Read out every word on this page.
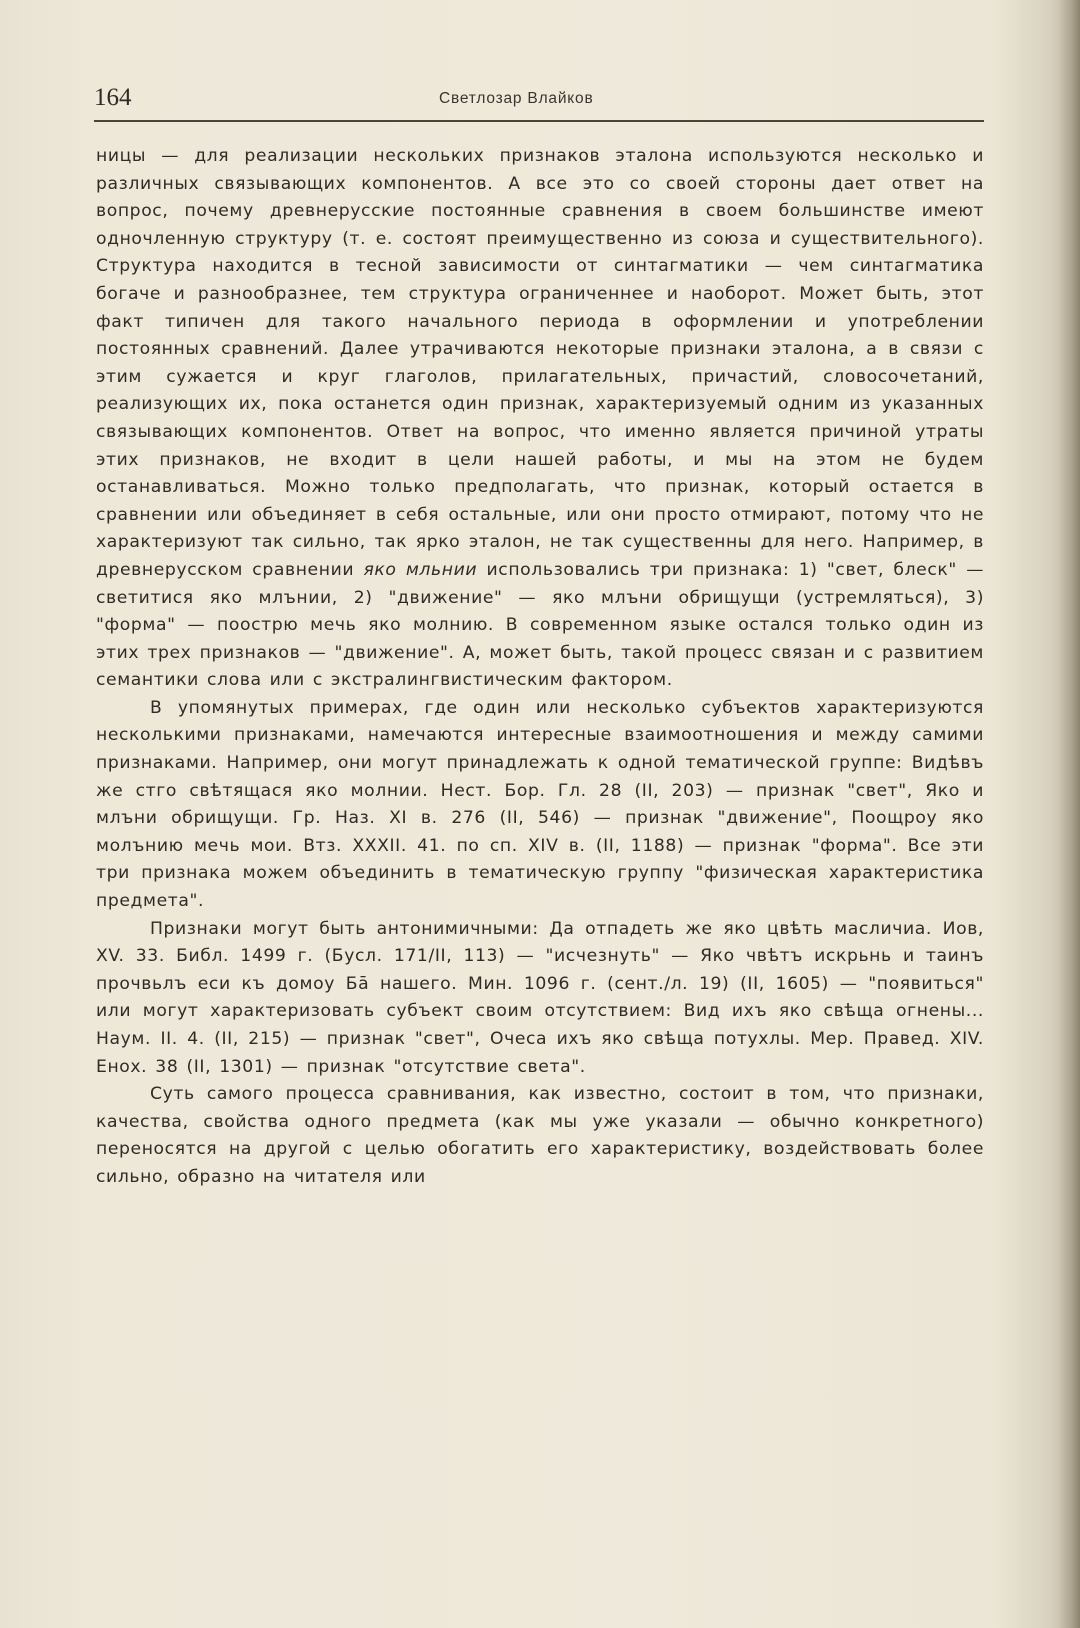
164	Светлозар Влайков

ницы — для реализации нескольких признаков эталона используются несколько и различных связывающих компонентов. А все это со своей стороны дает ответ на вопрос, почему древнерусские постоянные сравнения в своем большинстве имеют одночленную структуру (т. е. состоят преимущественно из союза и существительного). Структура находится в тесной зависимости от синтагматики — чем синтагматика богаче и разнообразнее, тем структура ограниченнее и наоборот. Может быть, этот факт типичен для такого начального периода в оформлении и употреблении постоянных сравнений. Далее утрачиваются некоторые признаки эталона, а в связи с этим сужается и круг глаголов, прилагательных, причастий, словосочетаний, реализующих их, пока останется один признак, характеризуемый одним из указанных связывающих компонентов. Ответ на вопрос, что именно является причиной утраты этих признаков, не входит в цели нашей работы, и мы на этом не будем останавливаться. Можно только предполагать, что признак, который остается в сравнении или объединяет в себя остальные, или они просто отмирают, потому что не характеризуют так сильно, так ярко эталон, не так существенны для него. Например, в древнерусском сравнении яко мльнии использовались три признака: 1) "свет, блеск" — светитися яко млънии, 2) "движение" — яко млъни обрищущи (устремляться), 3) "форма" — поострю мечь яко молнию. В современном языке остался только один из этих трех признаков — "движение". А, может быть, такой процесс связан и с развитием семантики слова или с экстралингвистическим фактором.

В упомянутых примерах, где один или несколько субъектов характеризуются несколькими признаками, намечаются интересные взаимоотношения и между самими признаками. Например, они могут принадлежать к одной тематической группе: Видѣвъ же стго свѣтящася яко молнии. Нест. Бор. Гл. 28 (II, 203) — признак "свет", Яко и млъни обрищущи. Гр. Наз. XI в. 276 (II, 546) — признак "движение", Поощроу яко молънию мечь мои. Втз. XXXII. 41. по сп. XIV в. (II, 1188) — признак "форма". Все эти три признака можем объединить в тематическую группу "физическая характеристика предмета".

Признаки могут быть антонимичными: Да отпадеть же яко цвѣть масличиа. Иов, XV. 33. Библ. 1499 г. (Бусл. 171/II, 113) — "исчезнуть" — Яко чвѣтъ искрьнь и таинъ прочвьлъ еси къ домоу Бā нашего. Мин. 1096 г. (сент./л. 19) (II, 1605) — "появиться" или могут характеризовать субъект своим отсутствием: Вид ихъ яко свѣща огнены... Наум. II. 4. (II, 215) — признак "свет", Очеса ихъ яко свѣща потухлы. Мер. Правед. XIV. Енох. 38 (II, 1301) — признак "отсутствие света".

Суть самого процесса сравнивания, как известно, состоит в том, что признаки, качества, свойства одного предмета (как мы уже указали — обычно конкретного) переносятся на другой с целью обогатить его характеристику, воздействовать более сильно, образно на читателя или
